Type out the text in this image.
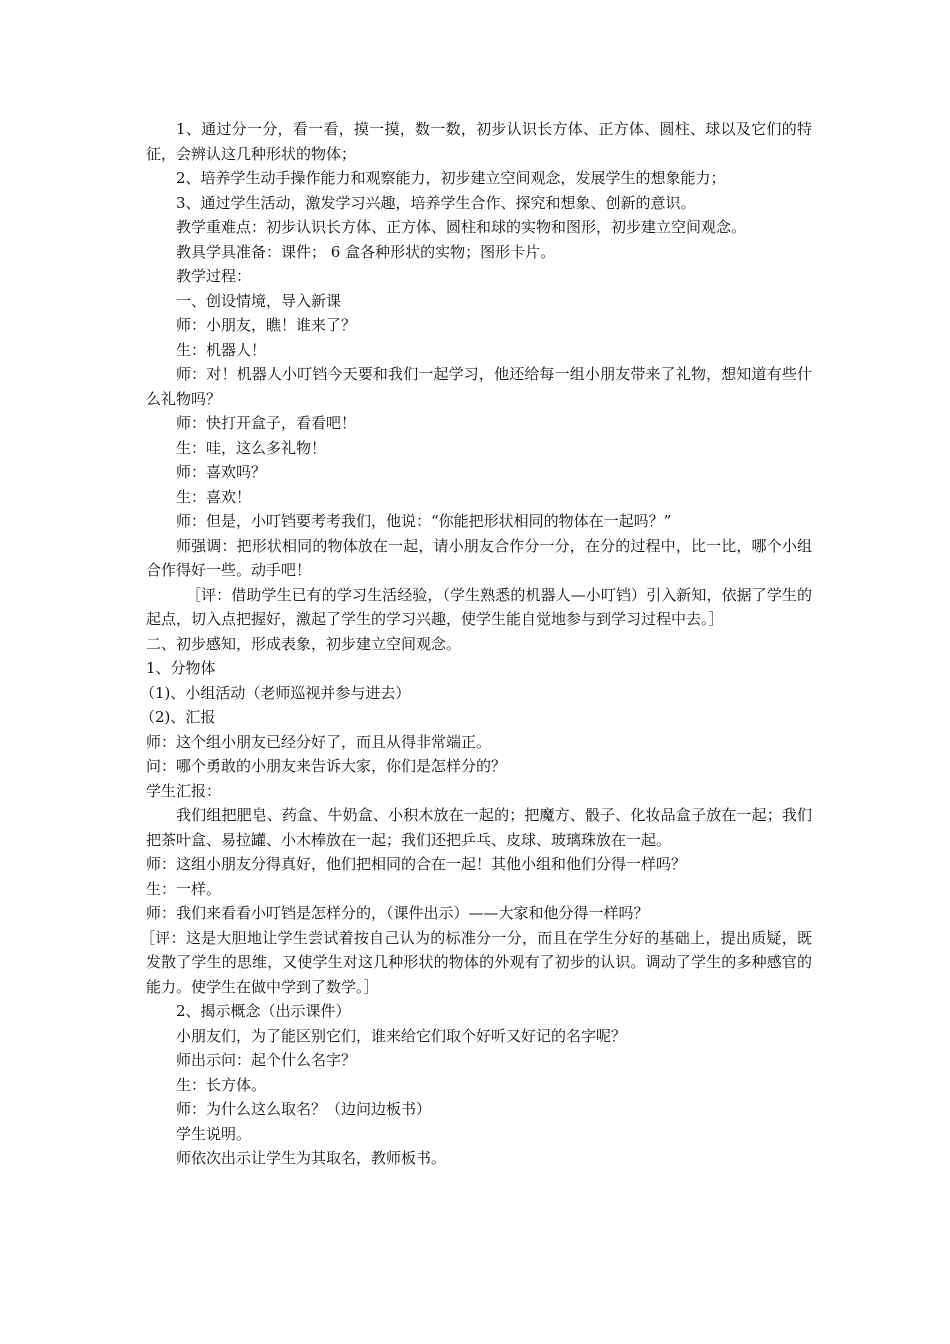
1、通过分一分，看一看，摸一摸，数一数，初步认识长方体、正方体、圆柱、球以及它们的特征，会辨认这几种形状的物体；

2、培养学生动手操作能力和观察能力，初步建立空间观念，发展学生的想象能力；

3、通过学生活动，激发学习兴趣，培养学生合作、探究和想象、创新的意识。

教学重难点：初步认识长方体、正方体、圆柱和球的实物和图形，初步建立空间观念。

教具学具准备：课件； 6 盒各种形状的实物；图形卡片。

教学过程：

一、创设情境，导入新课

师：小朋友，瞧！谁来了？

生：机器人！

师：对！机器人小叮铛今天要和我们一起学习，他还给每一组小朋友带来了礼物，想知道有些什么礼物吗？

师：快打开盒子，看看吧！

生：哇，这么多礼物！

师：喜欢吗？

生：喜欢！

师：但是，小叮铛要考考我们，他说：“你能把形状相同的物体在一起吗？”

师强调：把形状相同的物体放在一起，请小朋友合作分一分，在分的过程中，比一比，哪个小组合作得好一些。动手吧！

［评：借助学生已有的学习生活经验，（学生熟悉的机器人—小叮铛）引入新知，依据了学生的起点，切入点把握好，激起了学生的学习兴趣，使学生能自觉地参与到学习过程中去。］

二、初步感知，形成表象，初步建立空间观念。

1、分物体

（1)、小组活动（老师巡视并参与进去）

（2)、汇报

师：这个组小朋友已经分好了，而且从得非常端正。

问：哪个勇敢的小朋友来告诉大家，你们是怎样分的？

学生汇报：

我们组把肥皂、药盒、牛奶盒、小积木放在一起的；把魔方、骰子、化妆品盒子放在一起；我们把茶叶盒、易拉罐、小木棒放在一起；我们还把乒乓、皮球、玻璃珠放在一起。

师：这组小朋友分得真好，他们把相同的合在一起！其他小组和他们分得一样吗？

生：一样。

师：我们来看看小叮铛是怎样分的，（课件出示）——大家和他分得一样吗？

［评：这是大胆地让学生尝试着按自己认为的标准分一分，而且在学生分好的基础上，提出质疑，既发散了学生的思维，又使学生对这几种形状的物体的外观有了初步的认识。调动了学生的多种感官的能力。使学生在做中学到了数学。］

2、揭示概念（出示课件）

小朋友们，为了能区别它们，谁来给它们取个好听又好记的名字呢？

师出示问：起个什么名字？

生：长方体。

师：为什么这么取名？（边问边板书）

学生说明。

师依次出示让学生为其取名，教师板书。
